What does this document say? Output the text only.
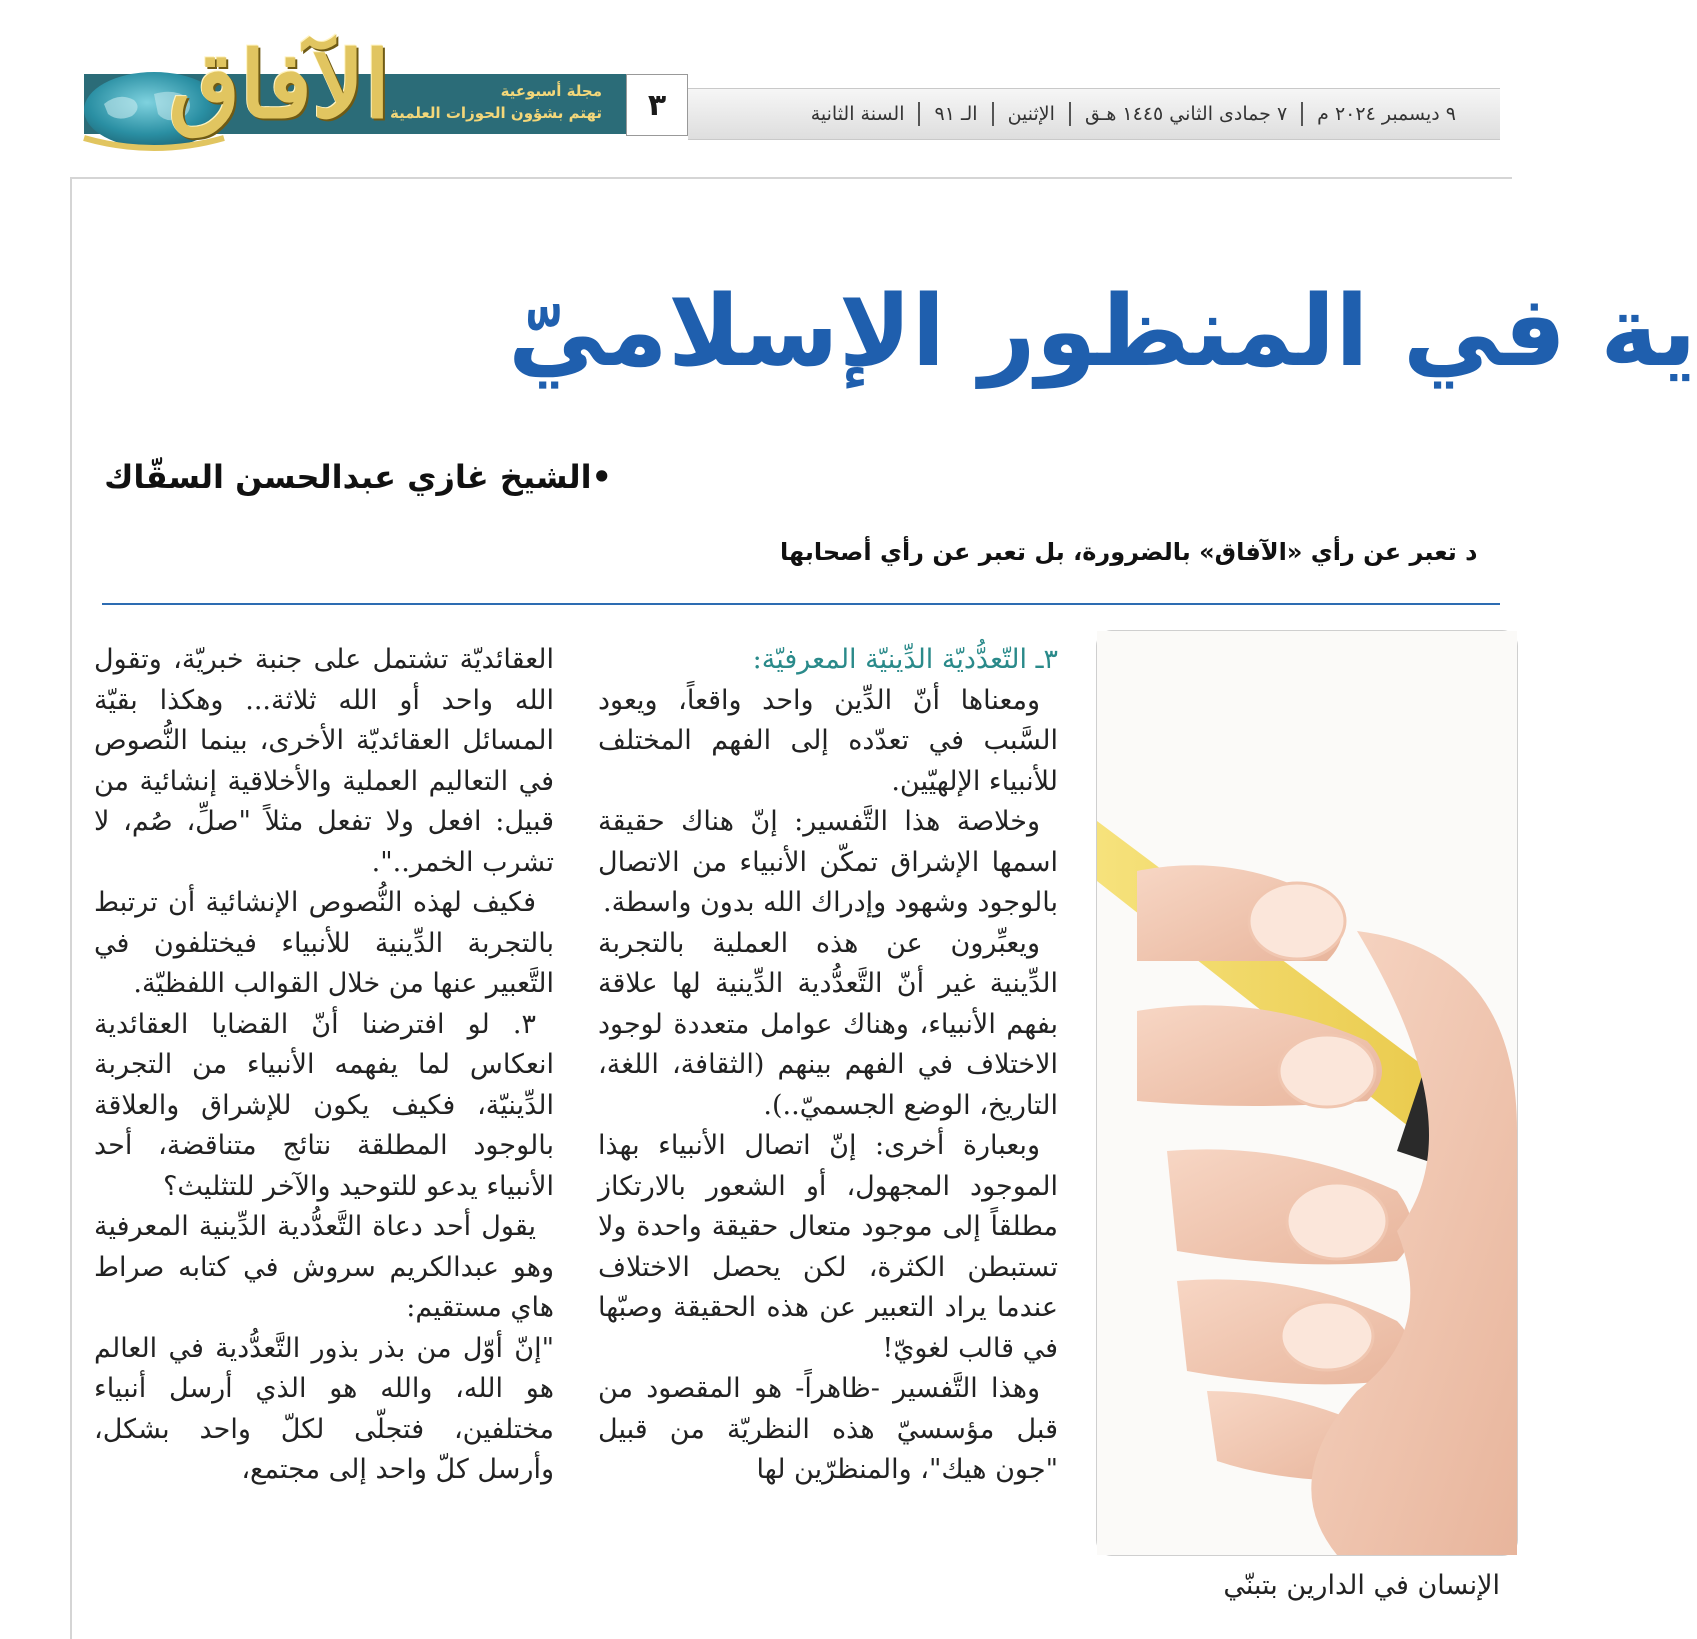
السنة الثانية	الـ ٩١	الإثنين	٧ جمادى الثاني ١٤٤٥ هـق	٩ ديسمبر ٢٠٢٤ م
٣
الآفاق	مجلة أسبوعية
تهتم بشؤون الحوزات العلمية
ية في المنظور الإسلاميّ
•الشيخ غازي عبدالحسن السقّاك
د تعبر عن رأي «الآفاق» بالضرورة، بل تعبر عن رأي أصحابها

٣ـ التّعدُّديّة الدِّينيّة المعرفيّة:

ومعناها أنّ الدِّين واحد واقعاً، ويعود السَّبب في تعدّده إلى الفهم المختلف للأنبياء الإلهيّين.

وخلاصة هذا التَّفسير: إنّ هناك حقيقة اسمها الإشراق تمكّن الأنبياء من الاتصال بالوجود وشهود وإدراك الله بدون واسطة.

ويعبِّرون عن هذه العملية بالتجربة الدِّينية غير أنّ التَّعدُّدية الدِّينية لها علاقة بفهم الأنبياء، وهناك عوامل متعددة لوجود الاختلاف في الفهم بينهم (الثقافة، اللغة، التاريخ، الوضع الجسميّ..).

وبعبارة أخرى: إنّ اتصال الأنبياء بهذا الموجود المجهول، أو الشعور بالارتكاز مطلقاً إلى موجود متعال حقيقة واحدة ولا تستبطن الكثرة، لكن يحصل الاختلاف عندما يراد التعبير عن هذه الحقيقة وصبّها في قالب لغويّ!

وهذا التَّفسير -ظاهراً- هو المقصود من قبل مؤسسيّ هذه النظريّة من قبيل "جون هيك"، والمنظرّين لها

العقائديّة تشتمل على جنبة خبريّة، وتقول الله واحد أو الله ثلاثة... وهكذا بقيّة المسائل العقائديّة الأخرى، بينما النُّصوص في التعاليم العملية والأخلاقية إنشائية من قبيل: افعل ولا تفعل مثلاً "صلِّ، صُم، لا تشرب الخمر..".

فكيف لهذه النُّصوص الإنشائية أن ترتبط بالتجربة الدِّينية للأنبياء فيختلفون في التَّعبير عنها من خلال القوالب اللفظيّة.

٣. لو افترضنا أنّ القضايا العقائدية انعكاس لما يفهمه الأنبياء من التجربة الدِّينيّة، فكيف يكون للإشراق والعلاقة بالوجود المطلقة نتائج متناقضة، أحد الأنبياء يدعو للتوحيد والآخر للتثليث؟

يقول أحد دعاة التَّعدُّدية الدِّينية المعرفية وهو عبدالكريم سروش في كتابه صراط هاي مستقيم:

"إنّ أوّل من بذر بذور التَّعدُّدية في العالم هو الله، والله هو الذي أرسل أنبياء مختلفين، فتجلّى لكلّ واحد بشكل، وأرسل كلّ واحد إلى مجتمع،

الإنسان في الدارين بتبنّي
